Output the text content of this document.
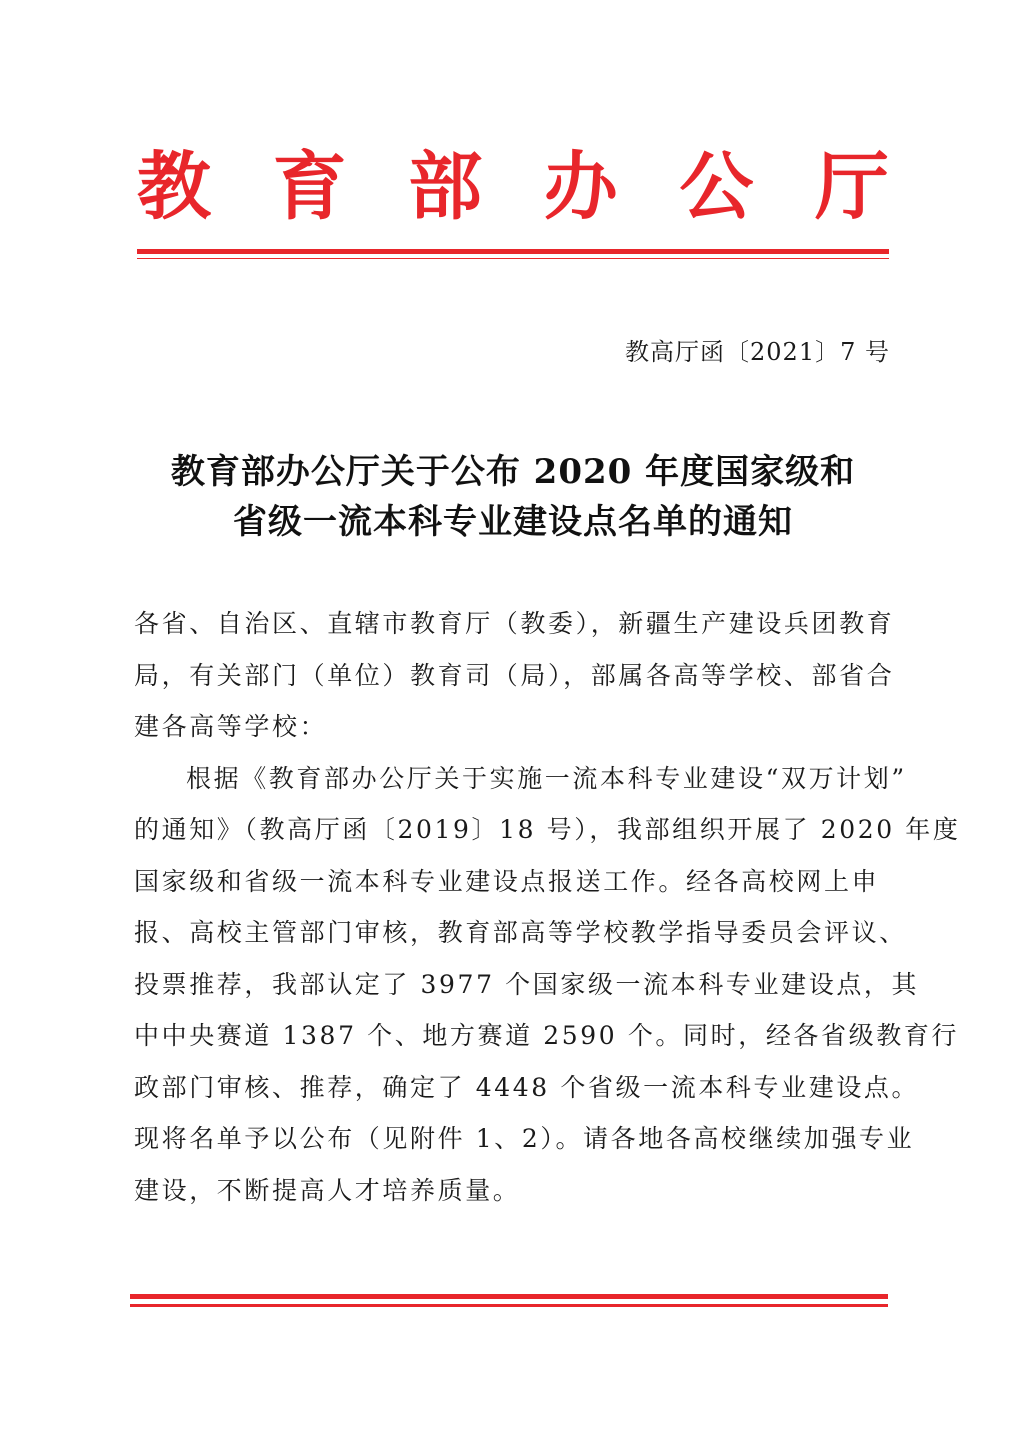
教 育 部 办 公 厅
教高厅函〔2021〕7 号
教育部办公厅关于公布 2020 年度国家级和
省级一流本科专业建设点名单的通知
各省、自治区、直辖市教育厅（教委），新疆生产建设兵团教育
局，有关部门（单位）教育司（局），部属各高等学校、部省合
建各高等学校：
根据《教育部办公厅关于实施一流本科专业建设“双万计划”
的通知》（教高厅函〔2019〕18 号），我部组织开展了 2020 年度
国家级和省级一流本科专业建设点报送工作。经各高校网上申
报、高校主管部门审核，教育部高等学校教学指导委员会评议、
投票推荐，我部认定了 3977 个国家级一流本科专业建设点，其
中中央赛道 1387 个、地方赛道 2590 个。同时，经各省级教育行
政部门审核、推荐，确定了 4448 个省级一流本科专业建设点。
现将名单予以公布（见附件 1、2）。请各地各高校继续加强专业
建设，不断提高人才培养质量。
